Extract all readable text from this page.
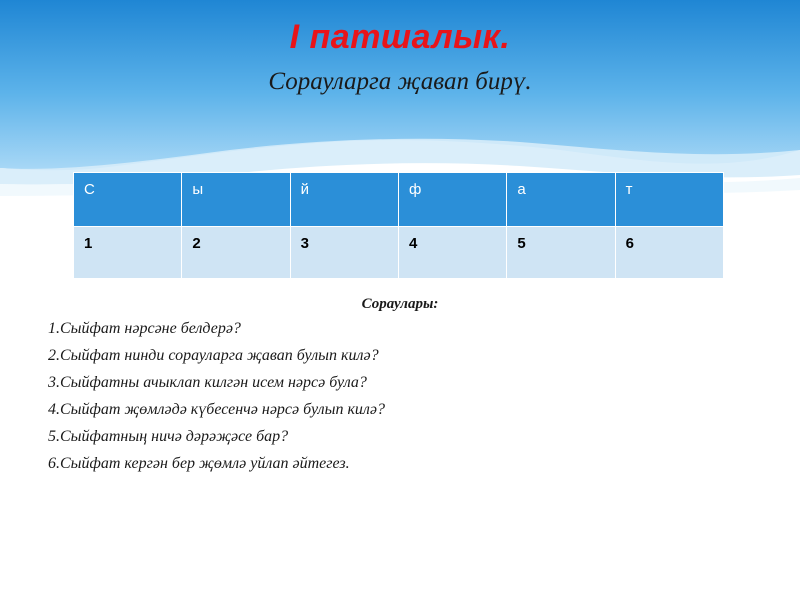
I патшалык.

Сорауларга җавап бирү.

С	ы	й	ф	а	т
1	2	3	4	5	6

Сораулары:

1.Сыйфат нәрсәне белдерә?
2.Сыйфат нинди сорауларга җавап булып килә?
3.Сыйфатны ачыклап килгән исем нәрсә була?
4.Сыйфат җөмләдә күбесенчә нәрсә булып килә?
5.Сыйфатның ничә дәрәҗәсе бар?
6.Сыйфат кергән бер җөмлә уйлап әйтегез.
